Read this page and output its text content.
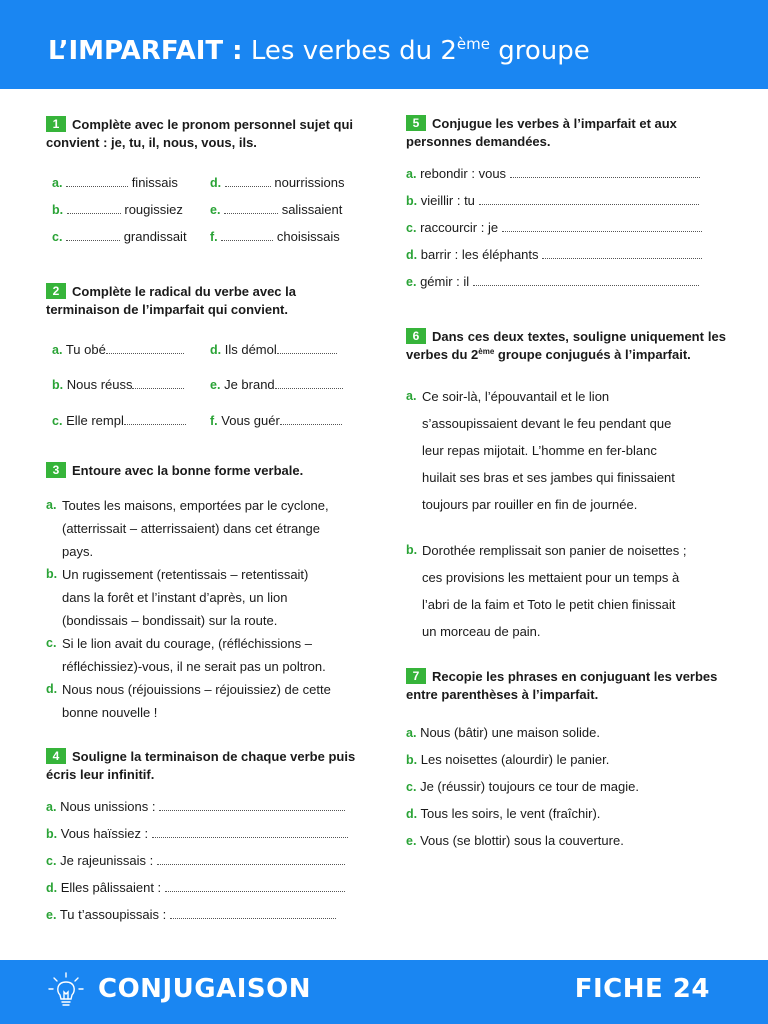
L’IMPARFAIT : Les verbes du 2ème groupe
1 Complète avec le pronom personnel sujet qui convient : je, tu, il, nous, vous, ils.
a.	finissais	d.	nourrissions
b.	rougissiez e.	salissaient
c.	grandissait f.	choisissais
2 Complète le radical du verbe avec la terminaison de l’imparfait qui convient.
a. Tu obé	d. Ils démol
b. Nous réuss	e. Je brand
c. Elle rempl	f. Vous guér
3 Entoure avec la bonne forme verbale.
a. Toutes les maisons, emportées par le cyclone,
(atterrissait – atterrissaient) dans cet étrange
pays.
b. Un rugissement (retentissais – retentissait)
dans la forêt et l’instant d’après, un lion
(bondissais – bondissait) sur la route.
c. Si le lion avait du courage, (réfléchissions –
réfléchissiez)-vous, il ne serait pas un poltron.
d. Nous nous (réjouissions – réjouissiez) de cette
bonne nouvelle !
4 Souligne la terminaison de chaque verbe puis écris leur infinitif.
a. Nous unissions :
b. Vous haïssiez :
c. Je rajeunissais :
d. Elles pâlissaient :
e. Tu t’assoupissais :
5 Conjugue les verbes à l’imparfait et aux personnes demandées.
a. rebondir : vous
b. vieillir : tu
c. raccourcir : je
d. barrir : les éléphants
e. gémir : il
6 Dans ces deux textes, souligne uniquement les verbes du 2ème groupe conjugués à l’imparfait.
a. Ce soir-là, l’épouvantail et le lion
s’assoupissaient devant le feu pendant que
leur repas mijotait. L’homme en fer-blanc
huilait ses bras et ses jambes qui finissaient
toujours par rouiller en fin de journée.
b. Dorothée remplissait son panier de noisettes ;
ces provisions les mettaient pour un temps à
l’abri de la faim et Toto le petit chien finissait
un morceau de pain.
7 Recopie les phrases en conjuguant les verbes entre parenthèses à l’imparfait.
a. Nous (bâtir) une maison solide.
b. Les noisettes (alourdir) le panier.
c. Je (réussir) toujours ce tour de magie.
d. Tous les soirs, le vent (fraîchir).
e. Vous (se blottir) sous la couverture.
CONJUGAISON	FICHE 24
